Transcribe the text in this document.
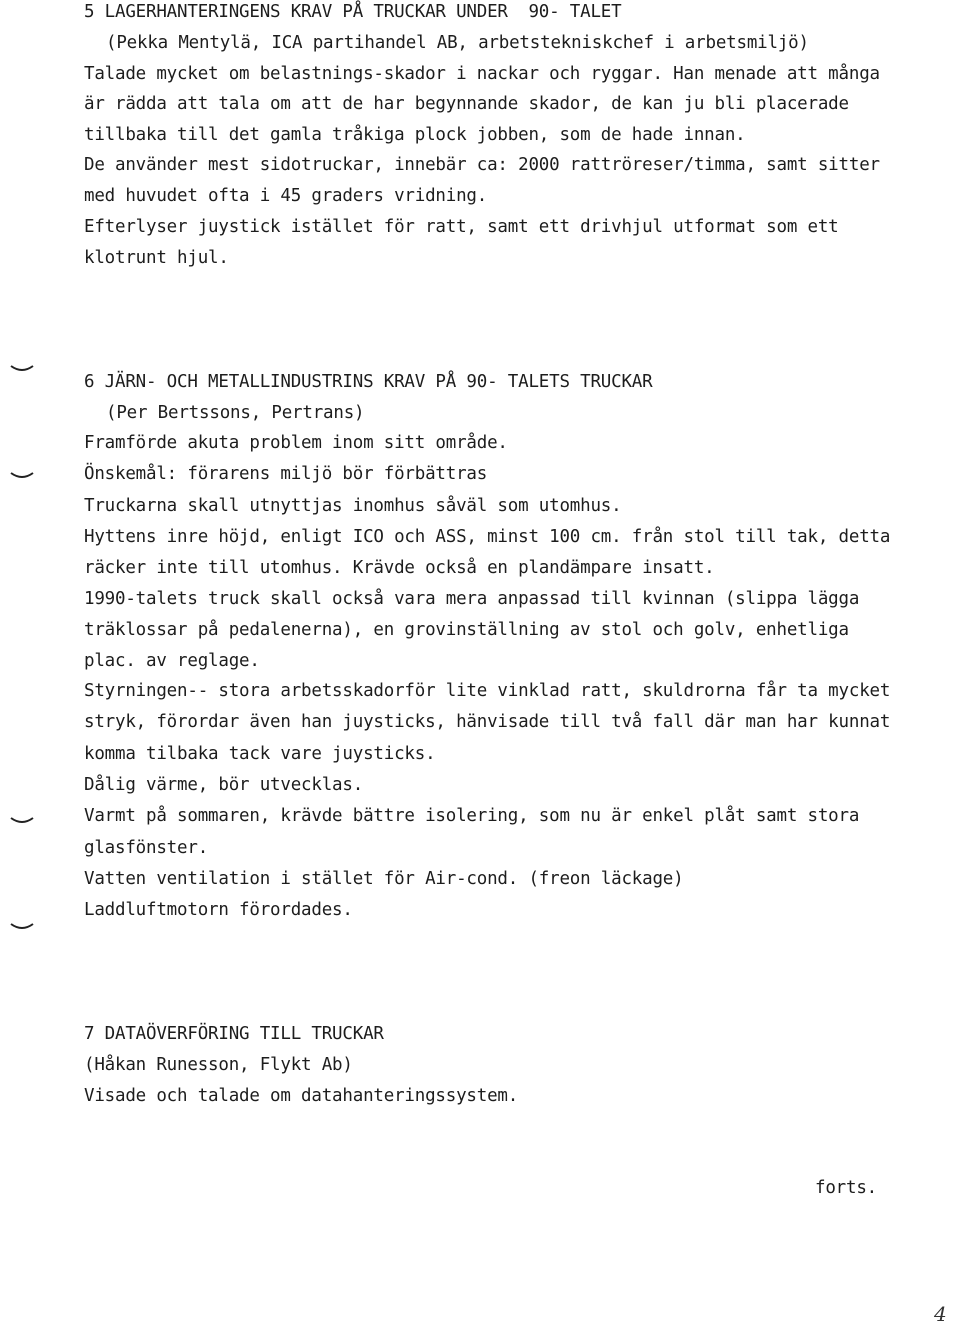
5 LAGERHANTERINGENS KRAV PÅ TRUCKAR UNDER  90- TALET
(Pekka Mentylä, ICA partihandel AB, arbetstekniskchef i arbetsmiljö)
Talade mycket om belastnings-skador i nackar och ryggar. Han menade att många
är rädda att tala om att de har begynnande skador, de kan ju bli placerade
tillbaka till det gamla tråkiga plock jobben, som de hade innan.
De använder mest sidotruckar, innebär ca: 2000 rattröreser/timma, samt sitter
med huvudet ofta i 45 graders vridning.
Efterlyser juystick istället för ratt, samt ett drivhjul utformat som ett
klotrunt hjul.
6 JÄRN- OCH METALLINDUSTRINS KRAV PÅ 90- TALETS TRUCKAR
(Per Bertssons, Pertrans)
Framförde akuta problem inom sitt område.
Önskemål: förarens miljö bör förbättras
Truckarna skall utnyttjas inomhus såväl som utomhus.
Hyttens inre höjd, enligt ICO och ASS, minst 100 cm. från stol till tak, detta
räcker inte till utomhus. Krävde också en plandämpare insatt.
1990-talets truck skall också vara mera anpassad till kvinnan (slippa lägga
träklossar på pedalenerna), en grovinställning av stol och golv, enhetliga
plac. av reglage.
Styrningen-- stora arbetsskadorför lite vinklad ratt, skuldrorna får ta mycket
stryk, förordar även han juysticks, hänvisade till två fall där man har kunnat
komma tilbaka tack vare juysticks.
Dålig värme, bör utvecklas.
Varmt på sommaren, krävde bättre isolering, som nu är enkel plåt samt stora
glasfönster.
Vatten ventilation i stället för Air-cond. (freon läckage)
Laddluftmotorn förordades.
7 DATAÖVERFÖRING TILL TRUCKAR
(Håkan Runesson, Flykt Ab)
Visade och talade om datahanteringssystem.
forts.
4
